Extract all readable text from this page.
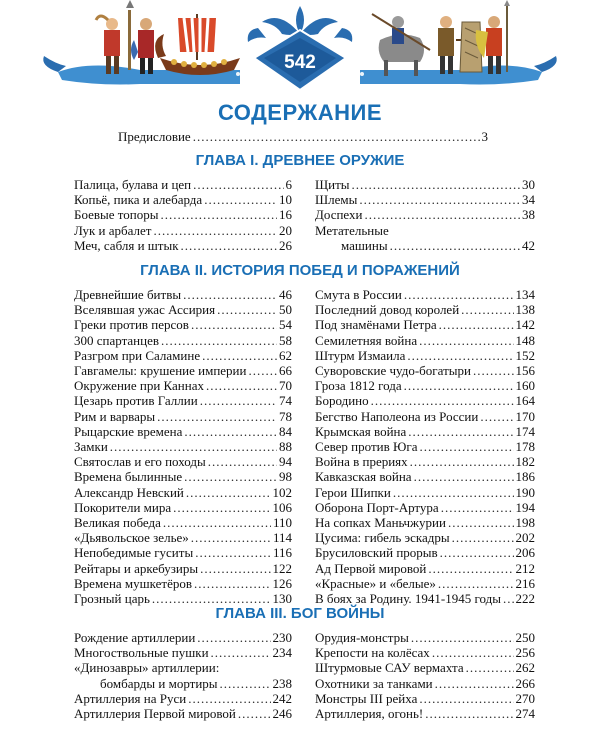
542
СОДЕРЖАНИЕ
Предисловие .....	3
ГЛАВА I. ДРЕВНЕЕ ОРУЖИЕ
Палица, булава и цеп .....	6
Копьё, пика и алебарда .....	10
Боевые топоры .....	16
Лук и арбалет .....	20
Меч, сабля и штык .....	26
Щиты .....	30
Шлемы .....	34
Доспехи .....	38
Метательные
машины .....	42
ГЛАВА II. ИСТОРИЯ ПОБЕД И ПОРАЖЕНИЙ
Древнейшие битвы .....	46
Вселявшая ужас Ассирия .....	50
Греки против персов .....	54
300 спартанцев .....	58
Разгром при Саламине .....	62
Гавгамелы: крушение империи .....	66
Окружение при Каннах .....	70
Цезарь против Галлии .....	74
Рим и варвары .....	78
Рыцарские времена .....	84
Замки .....	88
Святослав и его походы .....	94
Времена былинные .....	98
Александр Невский .....	102
Покорители мира .....	106
Великая победа .....	110
«Дьявольское зелье» .....	114
Непобедимые гуситы .....	116
Рейтары и аркебузиры .....	122
Времена мушкетёров .....	126
Грозный царь .....	130
Смута в России .....	134
Последний довод королей .....	138
Под знамёнами Петра .....	142
Семилетняя война .....	148
Штурм Измаила .....	152
Суворовские чудо-богатыри .....	156
Гроза 1812 года .....	160
Бородино .....	164
Бегство Наполеона из России .....	170
Крымская война .....	174
Север против Юга .....	178
Война в прериях .....	182
Кавказская война .....	186
Герои Шипки .....	190
Оборона Порт-Артура .....	194
На сопках Маньчжурии .....	198
Цусима: гибель эскадры .....	202
Брусиловский прорыв .....	206
Ад Первой мировой .....	212
«Красные» и «белые» .....	216
В боях за Родину. 1941-1945 годы ..... 222
ГЛАВА III. БОГ ВОЙНЫ
Рождение артиллерии .....	230
Многоствольные пушки .....	234
«Динозавры» артиллерии:
бомбарды и мортиры .....	238
Артиллерия на Руси .....	242
Артиллерия Первой мировой .....	246
Орудия-монстры .....	250
Крепости на колёсах .....	256
Штурмовые САУ вермахта .....	262
Охотники за танками .....	266
Монстры III рейха .....	270
Артиллерия, огонь! .....	274
